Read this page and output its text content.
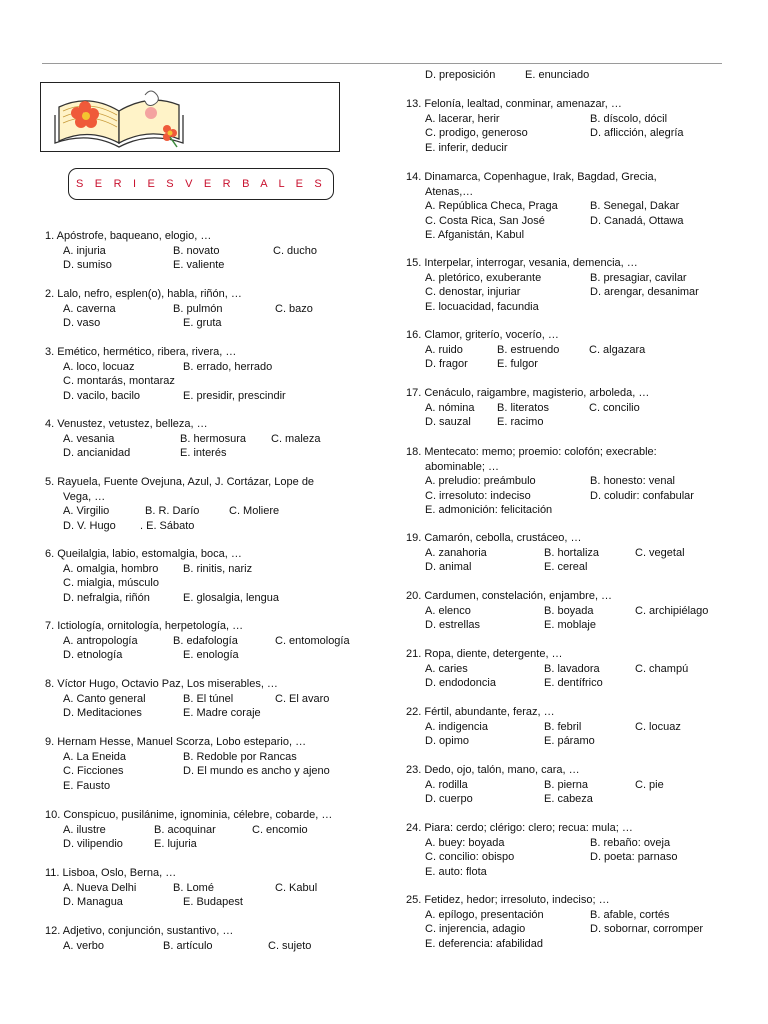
S E R I E S V E R B A L E S
1. Apóstrofe, baqueano, elogio, …
A. injuria	B. novato	C. ducho
D. sumiso	E. valiente
2. Lalo, nefro, esplen(o), habla, riñón, …
A. caverna	B. pulmón	C. bazo
D. vaso	E. gruta
3. Emético, hermético, ribera, rivera, …
A. loco, locuaz	B. errado, herrado
C. montarás, montaraz
D. vacilo, bacilo	E. presidir, prescindir
4. Venustez, vetustez, belleza, …
A. vesania	B. hermosura C. maleza
D. ancianidad	E. interés
5. Rayuela, Fuente Ovejuna, Azul, J. Cortázar, Lope de
Vega, …
A. Virgilio	B. R. Darío	C. Moliere
D. V. Hugo . E. Sábato
6. Queilalgia, labio, estomalgia, boca, …
A. omalgia, hombro B. rinitis, nariz
C. mialgia, músculo
D. nefralgia, riñón	E. glosalgia, lengua
7. Ictiología, ornitología, herpetología, …
A. antropología	B. edafología	C. entomología
D. etnología	E. enología
8. Víctor Hugo, Octavio Paz, Los miserables, …
A. Canto general	B. El túnel	C. El avaro
D. Meditaciones	E. Madre coraje
9. Hernam Hesse, Manuel Scorza, Lobo estepario, …
A. La Eneida	B. Redoble por Rancas
C. Ficciones	D. El mundo es ancho y ajeno
E. Fausto
10. Conspicuo, pusilánime, ignominia, célebre, cobarde, …
A. ilustre	B. acoquinar	C. encomio
D. vilipendio	E. lujuria
11. Lisboa, Oslo, Berna, …
A. Nueva Delhi	B. Lomé	C. Kabul
D. Managua	E. Budapest
12. Adjetivo, conjunción, sustantivo, …
A. verbo	B. artículo	C. sujeto
D. preposición	E. enunciado
13. Felonía, lealtad, conminar, amenazar, …
A. lacerar, herir	B. díscolo, dócil
C. prodigo, generoso	D. aflicción, alegría
E. inferir, deducir
14. Dinamarca, Copenhague, Irak, Bagdad, Grecia,
Atenas,…
A. República Checa, Praga	B. Senegal, Dakar
C. Costa Rica, San José	D. Canadá, Ottawa
E. Afganistán, Kabul
15. Interpelar, interrogar, vesania, demencia, …
A. pletórico, exuberante	B. presagiar, cavilar
C. denostar, injuriar	D. arengar, desanimar
E. locuacidad, facundia
16. Clamor, griterío, vocerío, …
A. ruido	B. estruendo	C. algazara
D. fragor	E. fulgor
17. Cenáculo, raigambre, magisterio, arboleda, …
A. nómina B. literatos	C. concilio
D. sauzal E. racimo
18. Mentecato: memo; proemio: colofón; execrable:
abominable; …
A. preludio: preámbulo	B. honesto: venal
C. irresoluto: indeciso	D. coludir: confabular
E. admonición: felicitación
19. Camarón, cebolla, crustáceo, …
A. zanahoria	B. hortaliza	C. vegetal
D. animal	E. cereal
20. Cardumen, constelación, enjambre, …
A. elenco	B. boyada	C. archipiélago
D. estrellas	E. moblaje
21. Ropa, diente, detergente, …
A. caries	B. lavadora	C. champú
D. endodoncia	E. dentífrico
22. Fértil, abundante, feraz, …
A. indigencia	B. febril	C. locuaz
D. opimo	E. páramo
23. Dedo, ojo, talón, mano, cara, …
A. rodilla	B. pierna	C. pie
D. cuerpo	E. cabeza
24. Piara: cerdo; clérigo: clero; recua: mula; …
A. buey: boyada	B. rebaño: oveja
C. concilio: obispo	D. poeta: parnaso
E. auto: flota
25. Fetidez, hedor; irresoluto, indeciso; …
A. epílogo, presentación	B. afable, cortés
C. injerencia, adagio	D. sobornar, corromper
E. deferencia: afabilidad
